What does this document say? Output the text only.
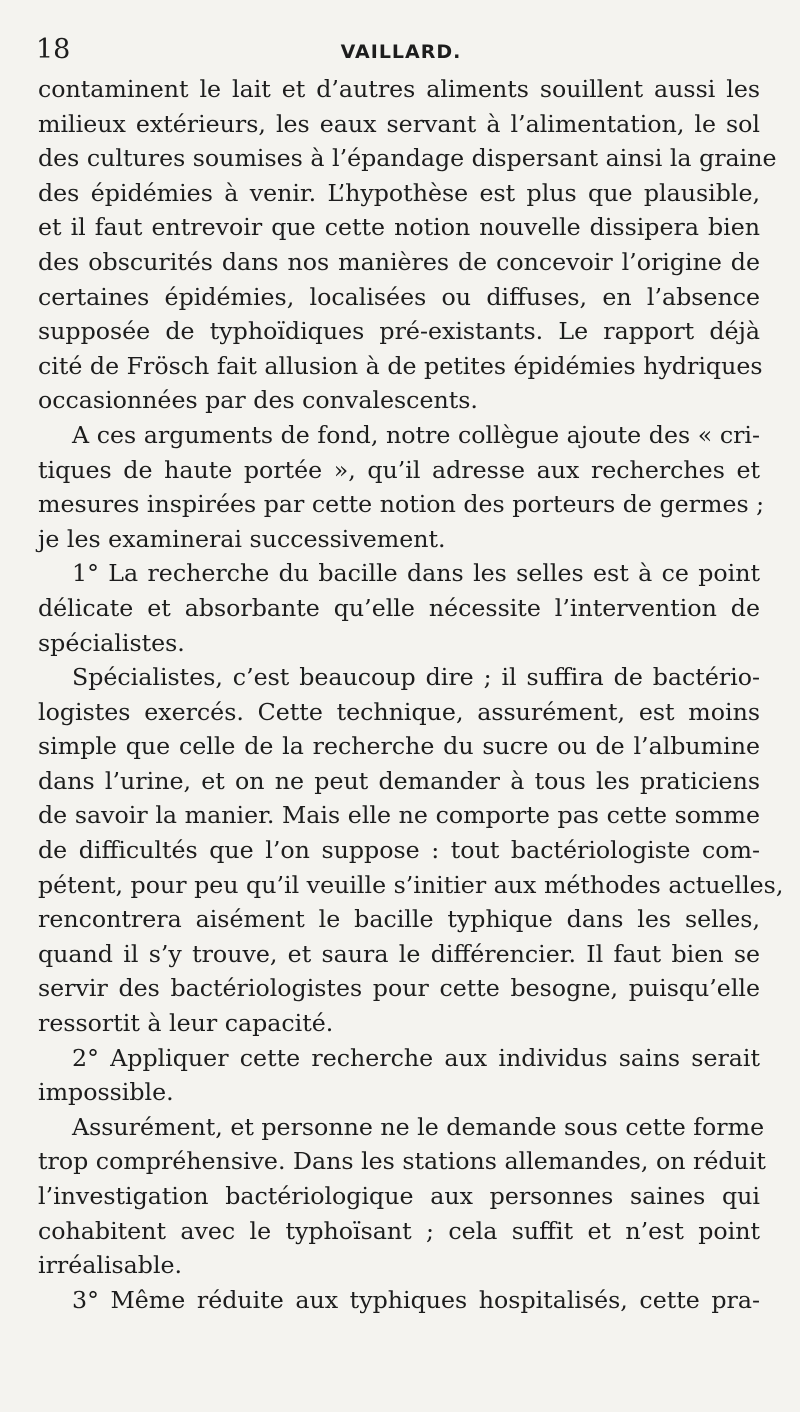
18	VAILLARD.
contaminent le lait et d’autres aliments souillent aussi les
milieux extérieurs, les eaux servant à l’alimentation, le sol
des cultures soumises à l’épandage dispersant ainsi la graine
des épidémies à venir. L’hypothèse est plus que plausible,
et il faut entrevoir que cette notion nouvelle dissipera bien
des obscurités dans nos manières de concevoir l’origine de
certaines épidémies, localisées ou diffuses, en l’absence
supposée de typhoïdiques pré-existants. Le rapport déjà
cité de Frösch fait allusion à de petites épidémies hydriques
occasionnées par des convalescents.
A ces arguments de fond, notre collègue ajoute des « cri-
tiques de haute portée », qu’il adresse aux recherches et
mesures inspirées par cette notion des porteurs de germes ;
je les examinerai successivement.
1° La recherche du bacille dans les selles est à ce point
délicate et absorbante qu’elle nécessite l’intervention de
spécialistes.
Spécialistes, c’est beaucoup dire ; il suffira de bactério-
logistes exercés. Cette technique, assurément, est moins
simple que celle de la recherche du sucre ou de l’albumine
dans l’urine, et on ne peut demander à tous les praticiens
de savoir la manier. Mais elle ne comporte pas cette somme
de difficultés que l’on suppose : tout bactériologiste com-
pétent, pour peu qu’il veuille s’initier aux méthodes actuelles,
rencontrera aisément le bacille typhique dans les selles,
quand il s’y trouve, et saura le différencier. Il faut bien se
servir des bactériologistes pour cette besogne, puisqu’elle
ressortit à leur capacité.
2° Appliquer cette recherche aux individus sains serait
impossible.
Assurément, et personne ne le demande sous cette forme
trop compréhensive. Dans les stations allemandes, on réduit
l’investigation bactériologique aux personnes saines qui
cohabitent avec le typhoïsant ; cela suffit et n’est point
irréalisable.
3° Même réduite aux typhiques hospitalisés, cette pra-
